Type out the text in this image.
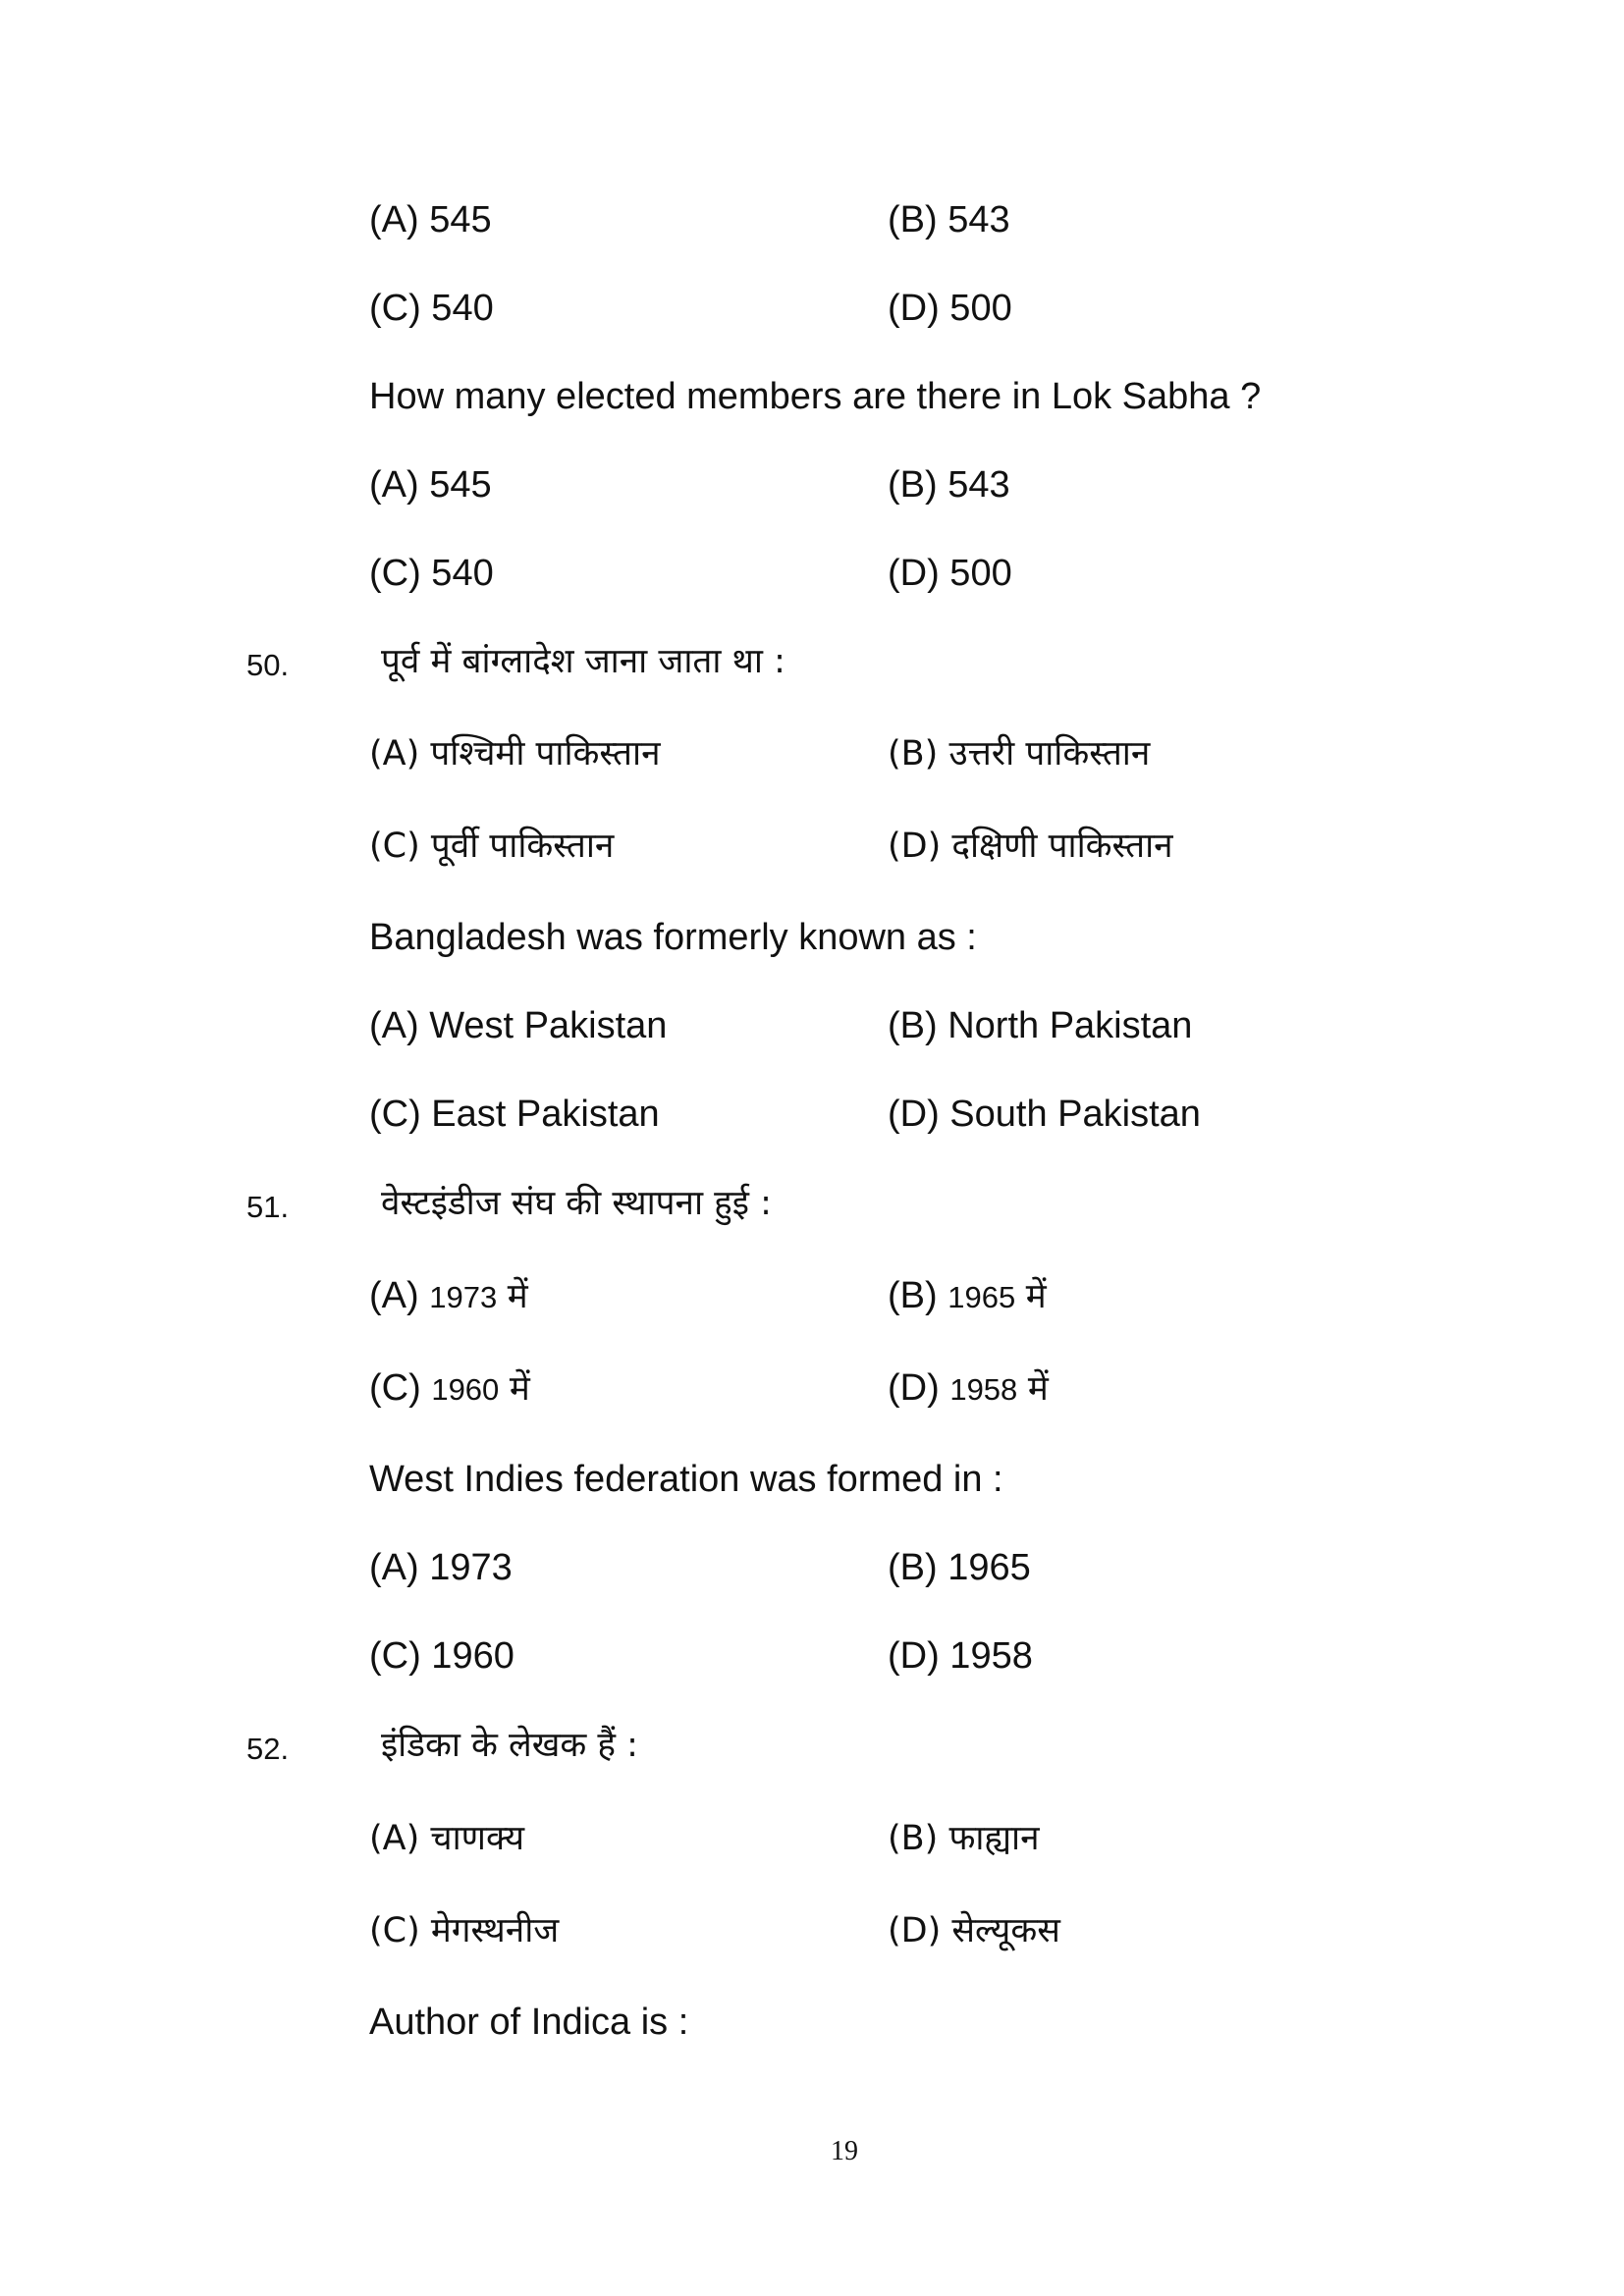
(A) 545	(B) 543
(C) 540	(D) 500
How many elected members are there in Lok Sabha ?
(A) 545	(B) 543
(C) 540	(D) 500
50.	पूर्व में बांग्लादेश जाना जाता था :
(A) पश्चिमी पाकिस्तान	(B) उत्तरी पाकिस्तान
(C) पूर्वी पाकिस्तान	(D) दक्षिणी पाकिस्तान
Bangladesh was formerly known as :
(A) West Pakistan	(B) North Pakistan
(C) East Pakistan	(D) South Pakistan
51.	वेस्टइंडीज संघ की स्थापना हुई :
(A) 1973 में	(B) 1965 में
(C) 1960 में	(D) 1958 में
West Indies federation was formed in :
(A) 1973	(B) 1965
(C) 1960	(D) 1958
52.	इंडिका के लेखक हैं :
(A) चाणक्य	(B) फाह्यान
(C) मेगस्थनीज	(D) सेल्यूकस
Author of Indica is :
19
